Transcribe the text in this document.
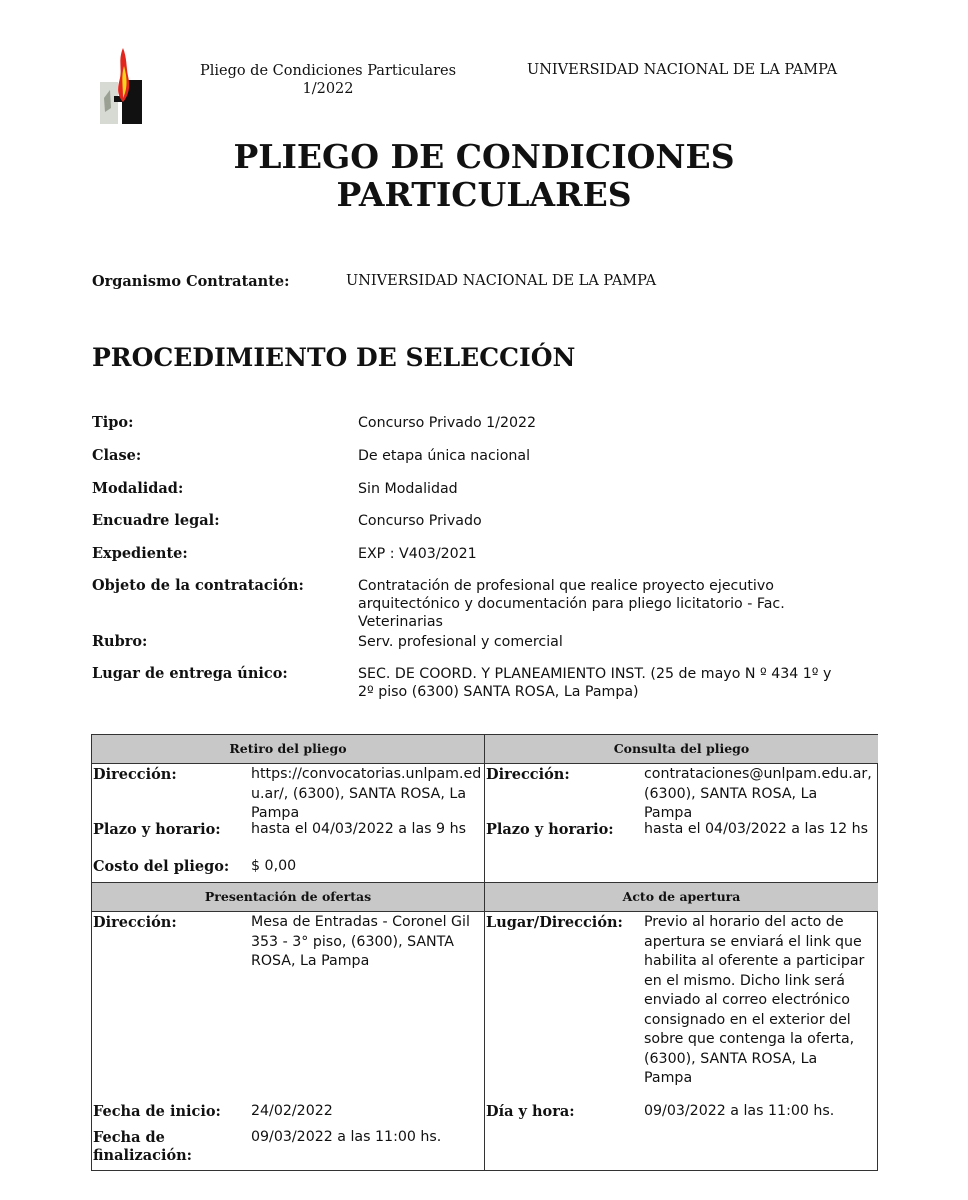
Pliego de Condiciones Particulares
1/2022
UNIVERSIDAD NACIONAL DE LA PAMPA
PLIEGO DE CONDICIONES
PARTICULARES
Organismo Contratante:	UNIVERSIDAD NACIONAL DE LA PAMPA
PROCEDIMIENTO DE SELECCIÓN
Tipo:	Concurso Privado 1/2022
Clase:	De etapa única nacional
Modalidad:	Sin Modalidad
Encuadre legal:	Concurso Privado
Expediente:	EXP : V403/2021
Objeto de la contratación:	Contratación de profesional que realice proyecto ejecutivo
arquitectónico y documentación para pliego licitatorio - Fac.
Veterinarias
Rubro:	Serv. profesional y comercial
Lugar de entrega único:	SEC. DE COORD. Y PLANEAMIENTO INST. (25 de mayo N º 434 1º y
2º piso (6300) SANTA ROSA, La Pampa)
Retiro del pliego	Consulta del pliego
Dirección:	https://convocatorias.unlpam.ed
u.ar/, (6300), SANTA ROSA, La
Pampa
Plazo y horario: hasta el 04/03/2022 a las 9 hs
Costo del pliego: $ 0,00
Dirección:	contrataciones@unlpam.edu.ar,
(6300), SANTA ROSA, La
Pampa
Plazo y horario: hasta el 04/03/2022 a las 12 hs
Presentación de ofertas	Acto de apertura
Dirección:	Mesa de Entradas - Coronel Gil
353 - 3° piso, (6300), SANTA
ROSA, La Pampa
Fecha de inicio: 24/02/2022
Fecha de
finalización:
09/03/2022 a las 11:00 hs.
Lugar/Dirección: Previo al horario del acto de
apertura se enviará el link que
habilita al oferente a participar
en el mismo. Dicho link será
enviado al correo electrónico
consignado en el exterior del
sobre que contenga la oferta,
(6300), SANTA ROSA, La
Pampa
Día y hora:	09/03/2022 a las 11:00 hs.
